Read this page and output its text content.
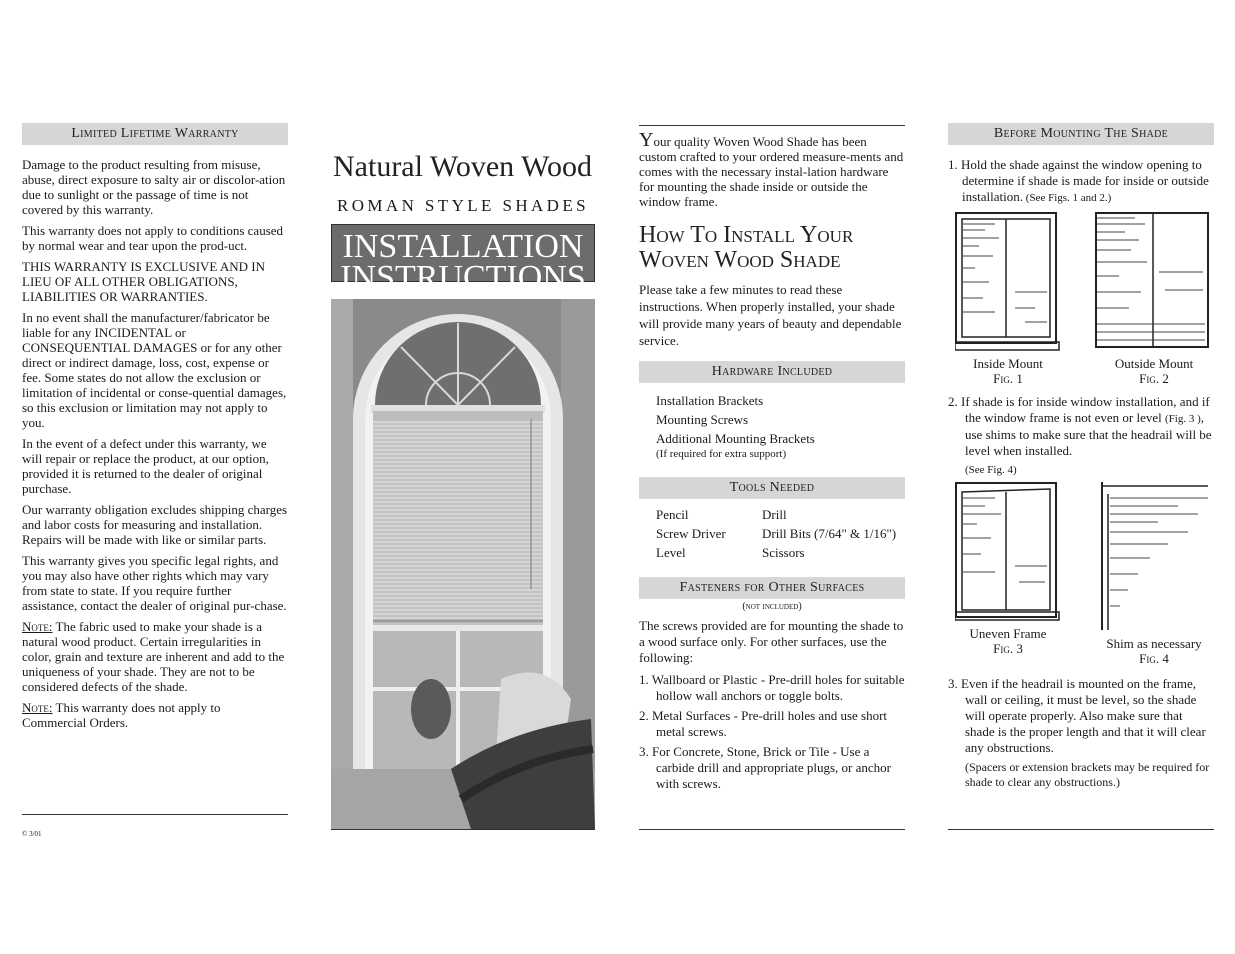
Limited Lifetime Warranty

Damage to the product resulting from misuse, abuse, direct exposure to salty air or discolor-ation due to sunlight or the passage of time is not
covered by this warranty.

This warranty does not apply to conditions caused by normal wear and tear upon the prod-uct.

THIS WARRANTY IS EXCLUSIVE AND IN LIEU OF ALL OTHER OBLIGATIONS, LIABILITIES OR WARRANTIES.

In no event shall the manufacturer/fabricator be liable for any INCIDENTAL or CONSEQUENTIAL DAMAGES or for any other direct or indirect damage, loss, cost, expense or fee. Some states do not allow the exclusion or limitation of incidental or conse-quential damages, so this exclusion or limitation may not apply to you.

In the event of a defect under this warranty, we will repair or replace the product, at our option, provided it is returned to the dealer of original purchase.

Our warranty obligation excludes shipping charges and labor costs for measuring and installation. Repairs will be made with like or similar parts.

This warranty gives you specific legal rights, and you may also have other rights which may vary from state to state. If you require further assistance, contact the dealer of original pur-chase.

Note: The fabric used to make your shade is a natural wood product. Certain irregularities in color, grain and texture are inherent and add to the uniqueness of your shade. They are not to be considered defects of the shade.

Note: This warranty does not apply to Commercial Orders.

© 3/01
Natural Woven Wood
ROMAN STYLE SHADES
INSTALLATION
INSTRUCTIONS

Your quality Woven Wood Shade has been custom crafted to your ordered measure-ments and comes with the necessary instal-lation hardware for mounting the shade inside or outside the window frame.

How To Install Your
Woven Wood Shade

Please take a few minutes to read these instructions. When properly installed, your shade will provide many years of beauty and dependable service.

Hardware Included
Installation Brackets
Mounting Screws
Additional Mounting Brackets
(If required for extra support)
Tools Needed
Pencil	Drill
Screw Driver	Drill Bits (7/64" & 1/16")
Level	Scissors
Fasteners for Other Surfaces
(not included)

The screws provided are for mounting the shade to a wood surface only. For other surfaces, use the following:

1. Wallboard or Plastic - Pre-drill holes for suitable hollow wall anchors or toggle bolts.

2. Metal Surfaces - Pre-drill holes and use short metal screws.

3. For Concrete, Stone, Brick or Tile - Use a carbide drill and appropriate plugs, or anchor with screws.

Before Mounting The Shade

1. Hold the shade against the window opening to determine if shade is made for inside or outside installation. (See Figs. 1 and 2.)

Inside Mount
Fig. 1
Outside Mount
Fig. 2

2. If shade is for inside window installation, and if the window frame is not even or level (Fig. 3 ), use shims to make sure that the headrail will be level when installed.

(See Fig. 4)

Uneven Frame
Fig. 3	Shim as necessary
Fig. 4

3. Even if the headrail is mounted on the frame, wall or ceiling, it must be level, so the shade will operate properly. Also make sure that shade is the proper length and that it will clear any obstructions.

(Spacers or extension brackets may be required for shade to clear any obstructions.)
